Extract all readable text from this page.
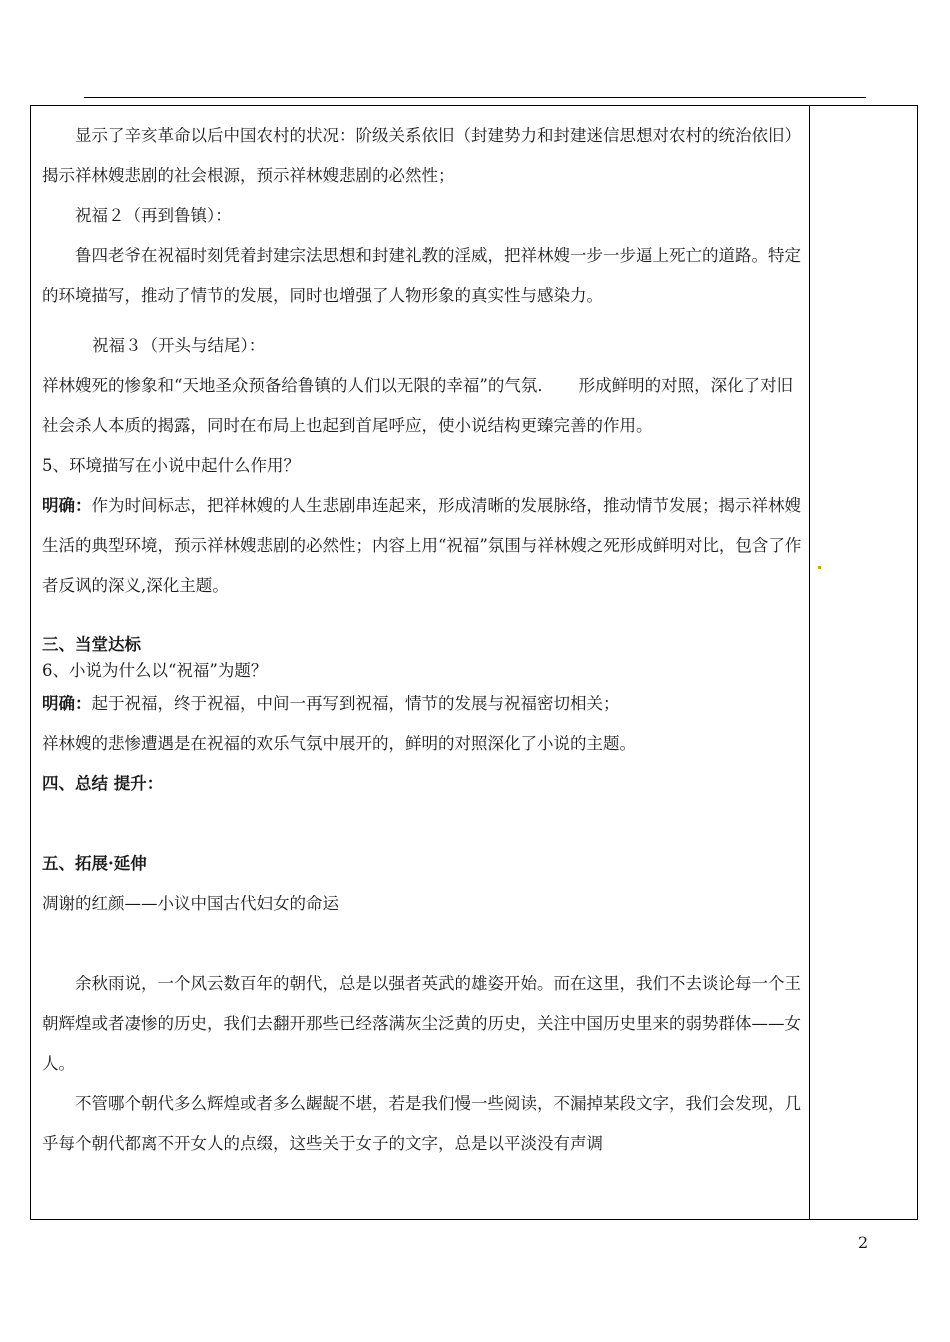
显示了辛亥革命以后中国农村的状况：阶级关系依旧（封建势力和封建迷信思想对农村的统治依旧）　揭示祥林嫂悲剧的社会根源，预示祥林嫂悲剧的必然性；

祝福２（再到鲁镇）：

鲁四老爷在祝福时刻凭着封建宗法思想和封建礼教的淫威，把祥林嫂一步一步逼上死亡的道路。特定的环境描写，推动了情节的发展，同时也增强了人物形象的真实性与感染力。

祝福３（开头与结尾）：

祥林嫂死的惨象和“天地圣众预备给鲁镇的人们以无限的幸福”的气氛．　　形成鲜明的对照，深化了对旧社会杀人本质的揭露，同时在布局上也起到首尾呼应，使小说结构更臻完善的作用。

5、环境描写在小说中起什么作用？

明确：作为时间标志，把祥林嫂的人生悲剧串连起来，形成清晰的发展脉络，推动情节发展；揭示祥林嫂生活的典型环境，预示祥林嫂悲剧的必然性；内容上用“祝福”氛围与祥林嫂之死形成鲜明对比，包含了作者反讽的深义,深化主题。

三、当堂达标

6、小说为什么以“祝福”为题？

明确：起于祝福，终于祝福，中间一再写到祝福，情节的发展与祝福密切相关；

祥林嫂的悲惨遭遇是在祝福的欢乐气氛中展开的，鲜明的对照深化了小说的主题。

四、总结 提升：

五、拓展·延伸

凋谢的红颜——小议中国古代妇女的命运

余秋雨说，一个风云数百年的朝代，总是以强者英武的雄姿开始。而在这里，我们不去谈论每一个王朝辉煌或者凄惨的历史，我们去翻开那些已经落满灰尘泛黄的历史，关注中国历史里来的弱势群体——女人。

不管哪个朝代多么辉煌或者多么龌龊不堪，若是我们慢一些阅读，不漏掉某段文字，我们会发现，几乎每个朝代都离不开女人的点缀，这些关于女子的文字，总是以平淡没有声调

2
